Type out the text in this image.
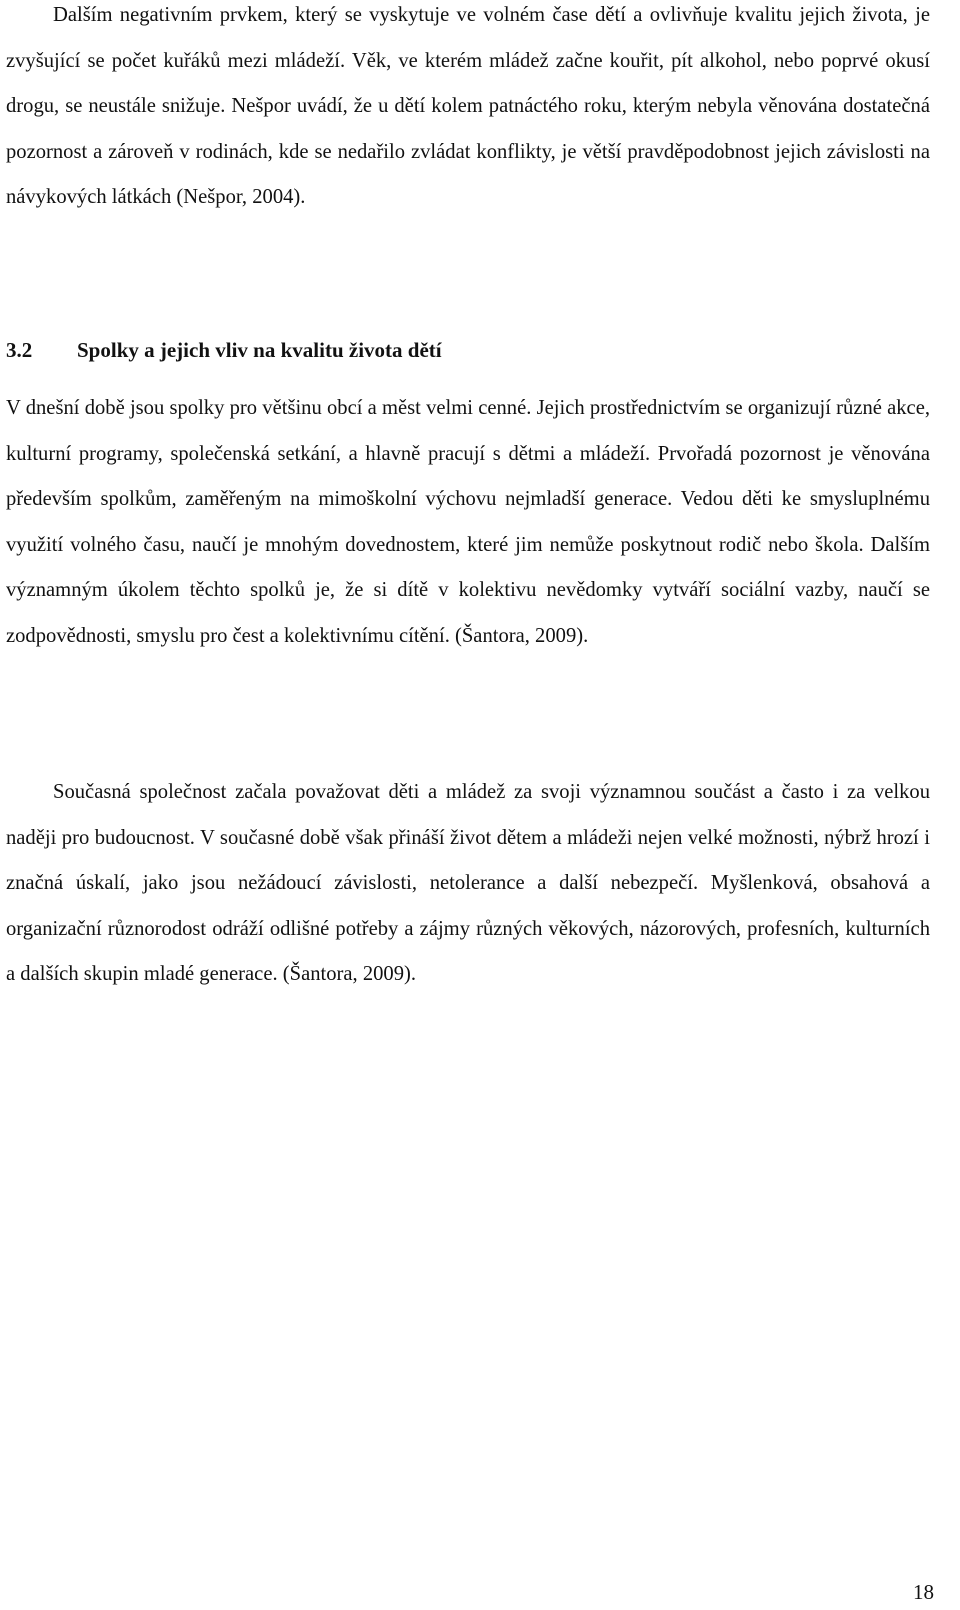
Dalším negativním prvkem, který se vyskytuje ve volném čase dětí a ovlivňuje kvalitu jejich života, je zvyšující se počet kuřáků mezi mládeží. Věk, ve kterém mládež začne kouřit, pít alkohol, nebo poprvé okusí drogu, se neustále snižuje. Nešpor uvádí, že u dětí kolem patnáctého roku, kterým nebyla věnována dostatečná pozornost a zároveň v rodinách, kde se nedařilo zvládat konflikty, je větší pravděpodobnost jejich závislosti na návykových látkách (Nešpor, 2004).

3.2 Spolky a jejich vliv na kvalitu života dětí

V dnešní době jsou spolky pro většinu obcí a měst velmi cenné. Jejich prostřednictvím se organizují různé akce, kulturní programy, společenská setkání, a hlavně pracují s dětmi a mládeží. Prvořadá pozornost je věnována především spolkům, zaměřeným na mimoškolní výchovu nejmladší generace. Vedou děti ke smysluplnému využití volného času, naučí je mnohým dovednostem, které jim nemůže poskytnout rodič nebo škola. Dalším významným úkolem těchto spolků je, že si dítě v kolektivu nevědomky vytváří sociální vazby, naučí se zodpovědnosti, smyslu pro čest a kolektivnímu cítění. (Šantora, 2009).

Současná společnost začala považovat děti a mládež za svoji významnou součást a často i za velkou naději pro budoucnost. V současné době však přináší život dětem a mládeži nejen velké možnosti, nýbrž hrozí i značná úskalí, jako jsou nežádoucí závislosti, netolerance a další nebezpečí. Myšlenková, obsahová a organizační různorodost odráží odlišné potřeby a zájmy různých věkových, názorových, profesních, kulturních a dalších skupin mladé generace. (Šantora, 2009).

18
